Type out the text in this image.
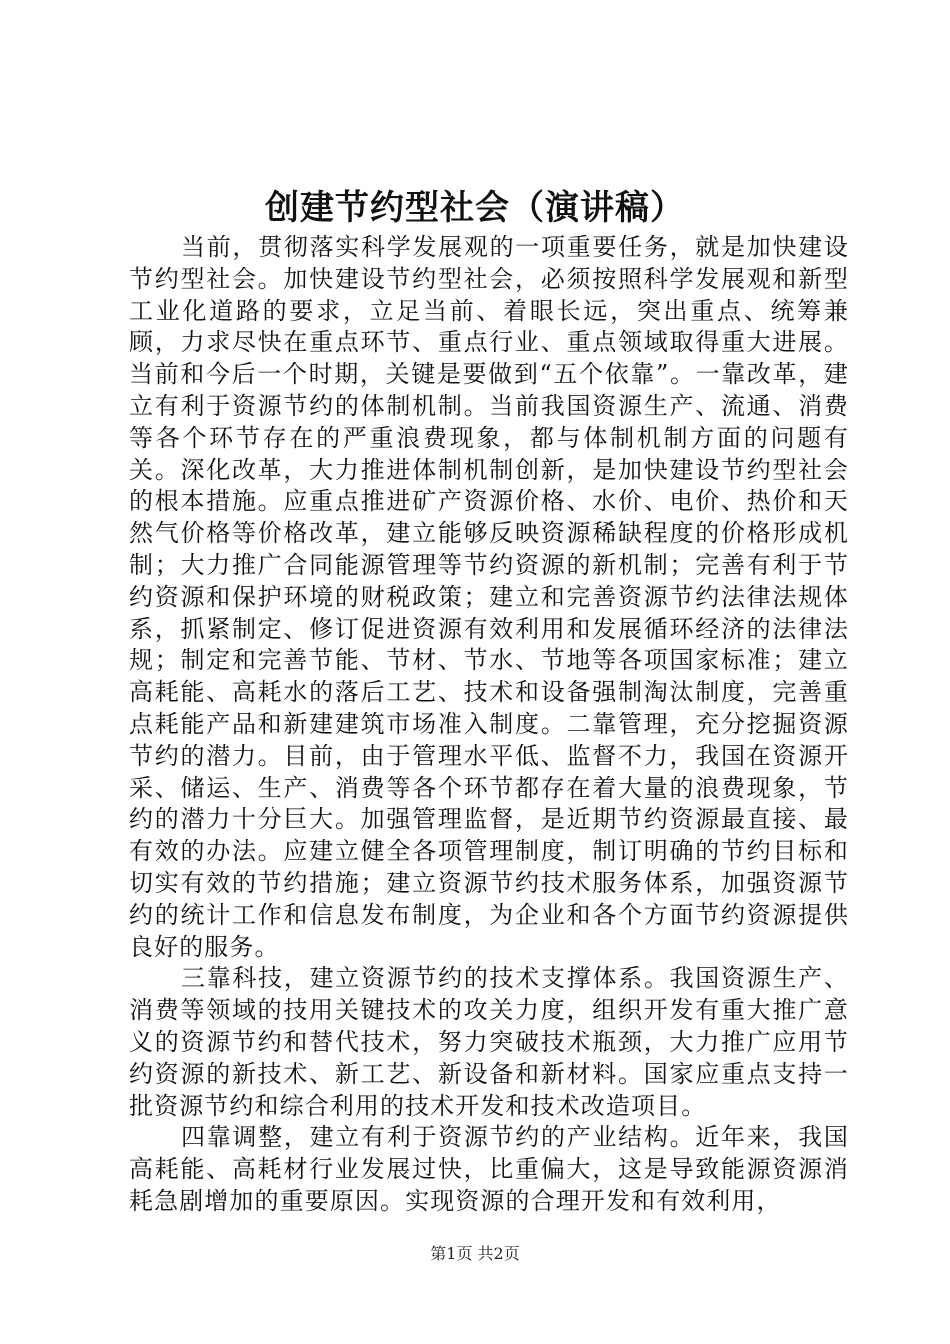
创建节约型社会（演讲稿）

当前，贯彻落实科学发展观的一项重要任务，就是加快建设节约型社会。加快建设节约型社会，必须按照科学发展观和新型工业化道路的要求，立足当前、着眼长远，突出重点、统筹兼顾，力求尽快在重点环节、重点行业、重点领域取得重大进展。当前和今后一个时期，关键是要做到“五个依靠”。一靠改革，建立有利于资源节约的体制机制。当前我国资源生产、流通、消费等各个环节存在的严重浪费现象，都与体制机制方面的问题有关。深化改革，大力推进体制机制创新，是加快建设节约型社会的根本措施。应重点推进矿产资源价格、水价、电价、热价和天然气价格等价格改革，建立能够反映资源稀缺程度的价格形成机制；大力推广合同能源管理等节约资源的新机制；完善有利于节约资源和保护环境的财税政策；建立和完善资源节约法律法规体系，抓紧制定、修订促进资源有效利用和发展循环经济的法律法规；制定和完善节能、节材、节水、节地等各项国家标准；建立高耗能、高耗水的落后工艺、技术和设备强制淘汰制度，完善重点耗能产品和新建建筑市场准入制度。二靠管理，充分挖掘资源节约的潜力。目前，由于管理水平低、监督不力，我国在资源开采、储运、生产、消费等各个环节都存在着大量的浪费现象，节约的潜力十分巨大。加强管理监督，是近期节约资源最直接、最有效的办法。应建立健全各项管理制度，制订明确的节约目标和切实有效的节约措施；建立资源节约技术服务体系，加强资源节约的统计工作和信息发布制度，为企业和各个方面节约资源提供良好的服务。

三靠科技，建立资源节约的技术支撑体系。我国资源生产、消费等领域的技用关键技术的攻关力度，组织开发有重大推广意义的资源节约和替代技术，努力突破技术瓶颈，大力推广应用节约资源的新技术、新工艺、新设备和新材料。国家应重点支持一批资源节约和综合利用的技术开发和技术改造项目。

四靠调整，建立有利于资源节约的产业结构。近年来，我国高耗能、高耗材行业发展过快，比重偏大，这是导致能源资源消耗急剧增加的重要原因。实现资源的合理开发和有效利用，

第1页 共2页
